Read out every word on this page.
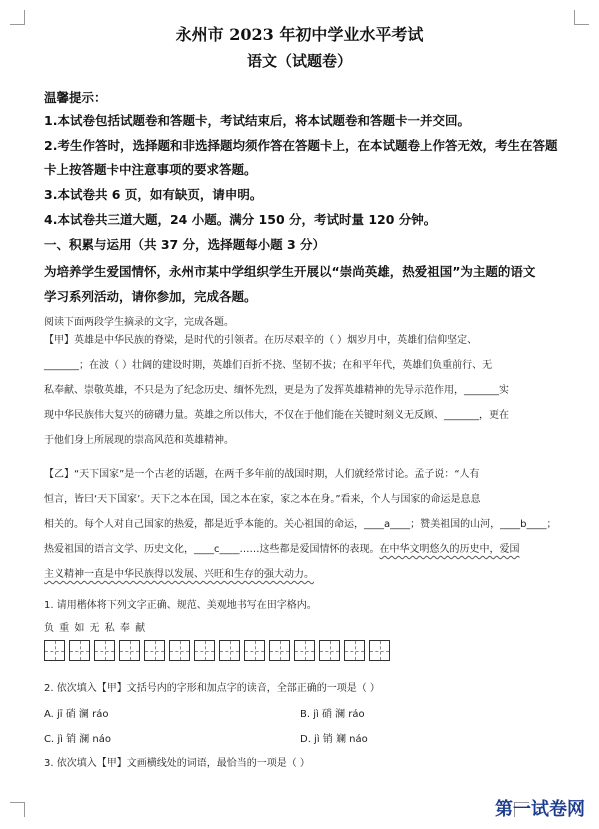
永州市 2023 年初中学业水平考试
语文（试题卷）
温馨提示：
1.本试卷包括试题卷和答题卡，考试结束后，将本试题卷和答题卡一并交回。
2.考生作答时，选择题和非选择题均须作答在答题卡上，在本试题卷上作答无效，考生在答题
卡上按答题卡中注意事项的要求答题。
3.本试卷共 6 页，如有缺页，请申明。
4.本试卷共三道大题，24 小题。满分 150 分，考试时量 120 分钟。
一、积累与运用（共 37 分，选择题每小题 3 分）
为培养学生爱国情怀，永州市某中学组织学生开展以“崇尚英雄，热爱祖国”为主题的语文
学习系列活动，请你参加，完成各题。
阅读下面两段学生摘录的文字，完成各题。

【甲】英雄是中华民族的脊梁，是时代的引领者。在历尽艰辛的（ ）烟岁月中，英雄们信仰坚定、

_______；在波（ ）壮阔的建设时期，英雄们百折不挠、坚韧不拔；在和平年代，英雄们负重前行、无

私奉献、崇敬英雄，不只是为了纪念历史、缅怀先烈，更是为了发挥英雄精神的先导示范作用，_______实

现中华民族伟大复兴的磅礴力量。英雄之所以伟大，不仅在于他们能在关键时刻义无反顾、_______，更在

于他们身上所展现的崇高风范和英雄精神。

【乙】“天下国家”是一个古老的话题，在两千多年前的战国时期，人们就经常讨论。孟子说：“人有

恒言，皆曰‘天下国家’。天下之本在国，国之本在家，家之本在身。”看来，个人与国家的命运是息息

相关的。每个人对自己国家的热爱，都是近乎本能的。关心祖国的命运，____a____；赞美祖国的山河，____b____；

热爱祖国的语言文学、历史文化，____c____……这些都是爱国情怀的表现。在中华文明悠久的历史中，爱国

主义精神一直是中华民族得以发展、兴旺和生存的强大动力。

1. 请用楷体将下列文字正确、规范、美观地书写在田字格内。
负 重 如 无 私 奉 献
2. 依次填入【甲】文括号内的字形和加点字的读音，全部正确的一项是（ ）
A. jī 硝 澜 ráo	B. jì 硝 澜 ráo
C. jì 销 澜 náo	D. jì 销 斓 náo
3. 依次填入【甲】文画横线处的词语，最恰当的一项是（ ）
第一试卷网
